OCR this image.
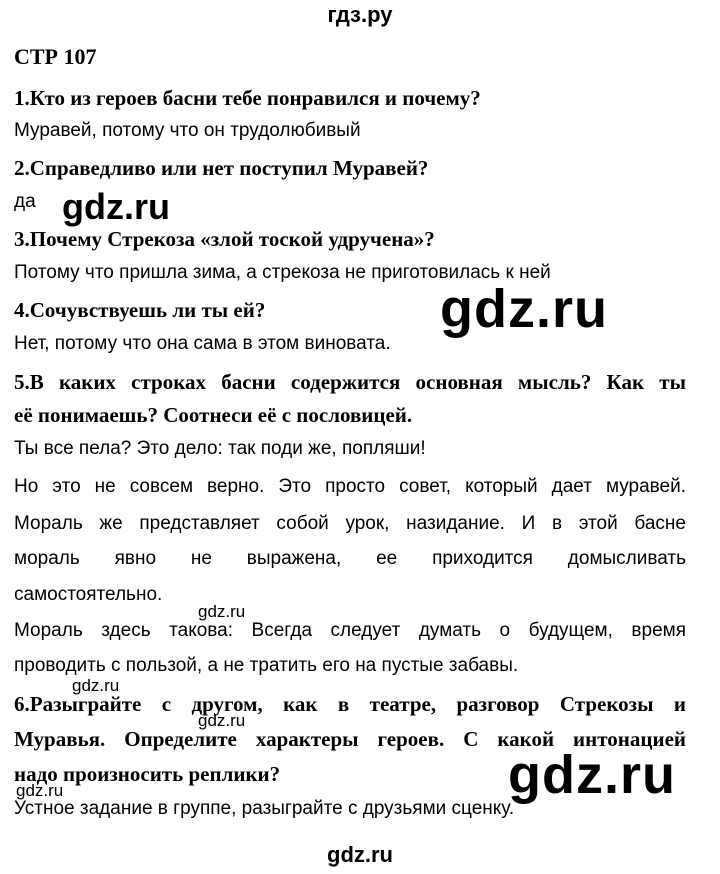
гдз.ру
СТР 107
1.Кто из героев басни тебе понравился и почему?
Муравей, потому что он трудолюбивый
2.Справедливо или нет поступил Муравей?
да
3.Почему Стрекоза «злой тоской удручена»?
Потому что пришла зима, а стрекоза не приготовилась к ней
4.Сочувствуешь ли ты ей?
Нет, потому что она сама в этом виновата.
5.В каких строках басни содержится основная мысль? Как ты
её понимаешь? Соотнеси её с пословицей.
Ты все пела? Это дело: так поди же, попляши!
Но это не совсем верно. Это просто совет, который дает муравей.
Мораль же представляет собой урок, назидание. И в этой басне
мораль явно не выражена, ее приходится домысливать
самостоятельно.
Мораль здесь такова: Всегда следует думать о будущем, время
проводить с пользой, а не тратить его на пустые забавы.
6.Разыграйте с другом, как в театре, разговор Стрекозы и
Муравья. Определите характеры героев. С какой интонацией
надо произносить реплики?
Устное задание в группе, разыграйте с друзьями сценку.
gdz.ru
gdz.ru
gdz.ru
gdz.ru
gdz.ru
gdz.ru	gdz.ru
gdz.ru
